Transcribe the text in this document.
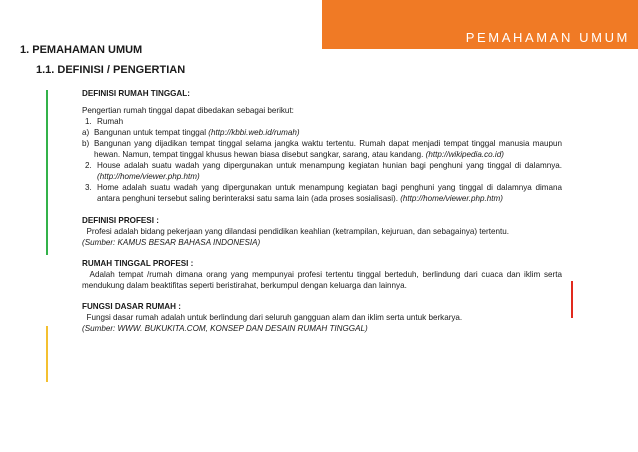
PEMAHAMAN UMUM
1. PEMAHAMAN UMUM
1.1. DEFINISI / PENGERTIAN

DEFINISI RUMAH TINGGAL:

Pengertian rumah tinggal dapat dibedakan sebagai berikut:

1. Rumah
a) Bangunan untuk tempat tinggal (http://kbbi.web.id/rumah)
b) Bangunan yang dijadikan tempat tinggal selama jangka waktu tertentu. Rumah dapat menjadi tempat tinggal manusia maupun hewan. Namun, tempat tinggal khusus hewan biasa disebut sangkar, sarang, atau kandang. (http://wikipedia.co.id)
2. House adalah suatu wadah yang dipergunakan untuk menampung kegiatan hunian bagi penghuni yang tinggal di dalamnya. (http://home/viewer.php.htm)
3. Home adalah suatu wadah yang dipergunakan untuk menampung kegiatan bagi penghuni yang tinggal di dalamnya dimana antara penghuni tersebut saling berinteraksi satu sama lain (ada proses sosialisasi). (http://home/viewer.php.htm)

DEFINISI PROFESI :

Profesi adalah bidang pekerjaan yang dilandasi pendidikan keahlian (ketrampilan, kejuruan, dan sebagainya) tertentu.

(Sumber: KAMUS BESAR BAHASA INDONESIA)

RUMAH TINGGAL PROFESI :

Adalah tempat /rumah dimana orang yang mempunyai profesi tertentu tinggal berteduh, berlindung dari cuaca dan iklim serta mendukung dalam beaktifitas seperti beristirahat, berkumpul dengan keluarga dan lainnya.

FUNGSI DASAR RUMAH :

Fungsi dasar rumah adalah untuk berlindung dari seluruh gangguan alam dan iklim serta untuk berkarya.

(Sumber: WWW. BUKUKITA.COM, KONSEP DAN DESAIN RUMAH TINGGAL)
